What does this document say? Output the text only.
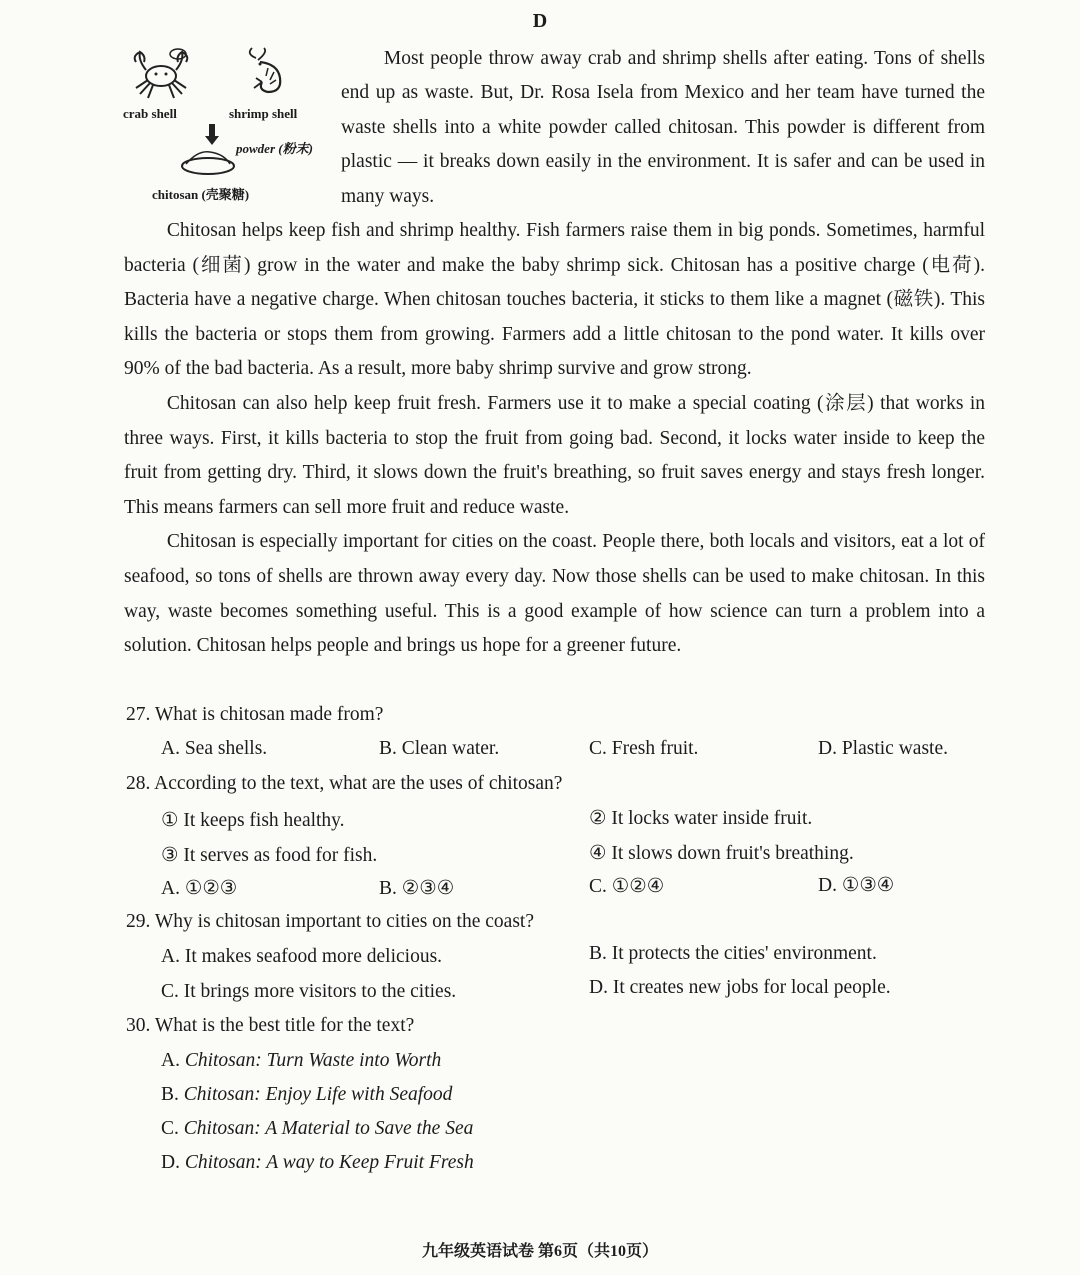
D
crab shell	shrimp shell
powder (粉末)
chitosan (壳聚糖)

Most people throw away crab and shrimp shells after eating. Tons of shells end up as waste. But, Dr. Rosa Isela from Mexico and her team have turned the waste shells into a white powder called chitosan. This powder is different from plastic — it breaks down easily in the environment. It is safer and can be used in many ways.

Chitosan helps keep fish and shrimp healthy. Fish farmers raise them in big ponds. Sometimes, harmful bacteria (细菌) grow in the water and make the baby shrimp sick. Chitosan has a positive charge (电荷). Bacteria have a negative charge. When chitosan touches bacteria, it sticks to them like a magnet (磁铁). This kills the bacteria or stops them from growing. Farmers add a little chitosan to the pond water. It kills over 90% of the bad bacteria. As a result, more baby shrimp survive and grow strong.

Chitosan can also help keep fruit fresh. Farmers use it to make a special coating (涂层) that works in three ways. First, it kills bacteria to stop the fruit from going bad. Second, it locks water inside to keep the fruit from getting dry. Third, it slows down the fruit's breathing, so fruit saves energy and stays fresh longer. This means farmers can sell more fruit and reduce waste.

Chitosan is especially important for cities on the coast. People there, both locals and visitors, eat a lot of seafood, so tons of shells are thrown away every day. Now those shells can be used to make chitosan. In this way, waste becomes something useful. This is a good example of how science can turn a problem into a solution. Chitosan helps people and brings us hope for a greener future.

27. What is chitosan made from?
A. Sea shells.	B. Clean water.	C. Fresh fruit.	D. Plastic waste.
28. According to the text, what are the uses of chitosan?
① It keeps fish healthy.	② It locks water inside fruit.
③ It serves as food for fish.	④ It slows down fruit's breathing.
A. ①②③	B. ②③④	C. ①②④	D. ①③④
29. Why is chitosan important to cities on the coast?
A. It makes seafood more delicious.	B. It protects the cities' environment.
C. It brings more visitors to the cities.	D. It creates new jobs for local people.
30. What is the best title for the text?
A. Chitosan: Turn Waste into Worth
B. Chitosan: Enjoy Life with Seafood
C. Chitosan: A Material to Save the Sea
D. Chitosan: A way to Keep Fruit Fresh
九年级英语试卷 第6页（共10页）
